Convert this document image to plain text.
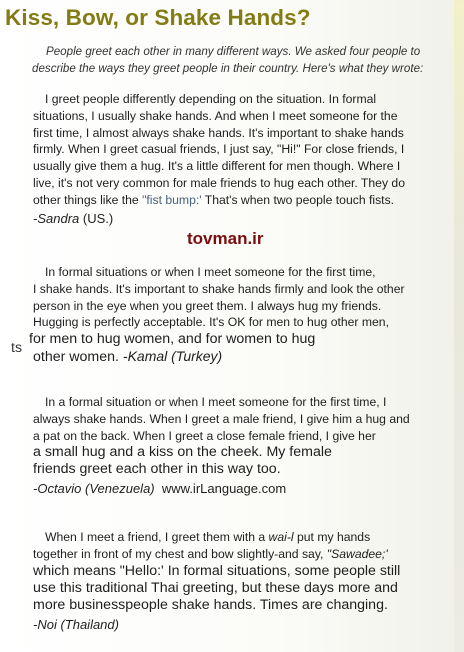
Kiss, Bow, or Shake Hands?
People greet each other in many different ways. We asked four people to
describe the ways they greet people in their country. Here's what they wrote:
I greet people differently depending on the situation. In formal
situations, I usually shake hands. And when I meet someone for the
first time, I almost always shake hands. It's important to shake hands
firmly. When I greet casual friends, I just say, "Hi!" For close friends, I
usually give them a hug. It's a little different for men though. Where I
live, it's not very common for male friends to hug each other. They do
other things like the "fist bump:' That's when two people touch fists.
-Sandra (US.)
tovman.ir
In formal situations or when I meet someone for the first time,
I shake hands. It's important to shake hands firmly and look the other
person in the eye when you greet them. I always hug my friends.
Hugging is perfectly acceptable. It's OK for men to hug other men,
for men to hug women, and for women to hug
other women. -Kamal (Turkey)
ts
In a formal situation or when I meet someone for the first time, I
always shake hands. When I greet a male friend, I give him a hug and
a pat on the back. When I greet a close female friend, I give her
a small hug and a kiss on the cheek. My female
friends greet each other in this way too.
-Octavio (Venezuela) www.irLanguage.com
When I meet a friend, I greet them with a wai-l put my hands
together in front of my chest and bow slightly-and say, "Sawadee;'
which means "Hello:' In formal situations, some people still
use this traditional Thai greeting, but these days more and
more businesspeople shake hands. Times are changing.
-Noi (Thailand)
